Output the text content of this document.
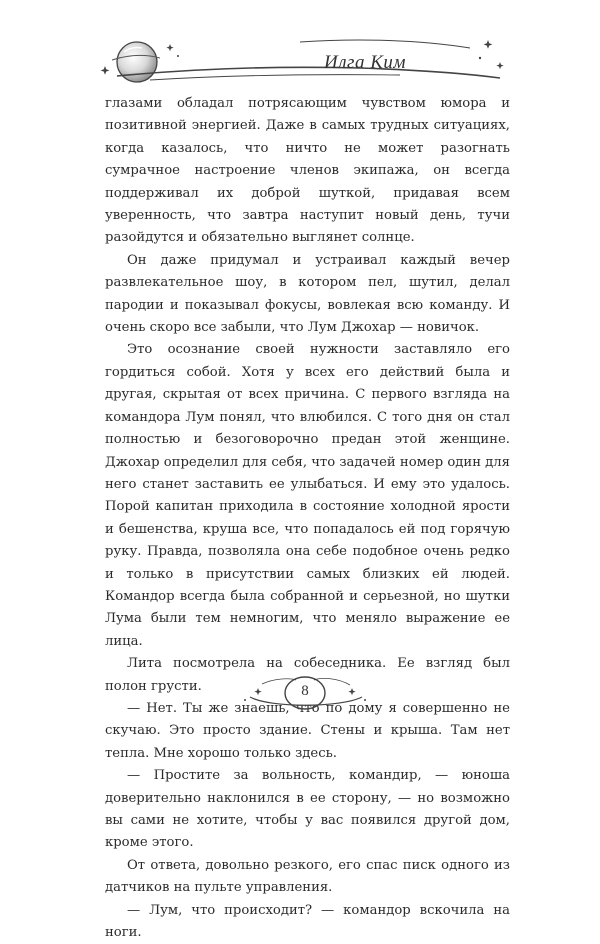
Илга Ким

глазами обладал потрясающим чувством юмора и позитивной энергией. Даже в самых трудных ситуациях, когда казалось, что ничто не может разогнать сумрачное настроение членов экипажа, он всегда поддерживал их доброй шуткой, придавая всем уверенность, что завтра наступит новый день, тучи разойдутся и обязательно выглянет солнце.

Он даже придумал и устраивал каждый вечер развлекательное шоу, в котором пел, шутил, делал пародии и показывал фокусы, вовлекая всю команду. И очень скоро все забыли, что Лум Джохар — новичок.

Это осознание своей нужности заставляло его гордиться собой. Хотя у всех его действий была и другая, скрытая от всех причина. С первого взгляда на командора Лум понял, что влюбился. С того дня он стал полностью и безоговорочно предан этой женщине. Джохар определил для себя, что задачей номер один для него станет заставить ее улыбаться. И ему это удалось. Порой капитан приходила в состояние холодной ярости и бешенства, круша все, что попадалось ей под горячую руку. Правда, позволяла она себе подобное очень редко и только в присутствии самых близких ей людей. Командор всегда была собранной и серьезной, но шутки Лума были тем немногим, что меняло выражение ее лица.

Лита посмотрела на собеседника. Ее взгляд был полон грусти.

— Нет. Ты же знаешь, что по дому я совершенно не скучаю. Это просто здание. Стены и крыша. Там нет тепла. Мне хорошо только здесь.

— Простите за вольность, командир, — юноша доверительно наклонился в ее сторону, — но возможно вы сами не хотите, чтобы у вас появился другой дом, кроме этого.

От ответа, довольно резкого, его спас писк одного из датчиков на пульте управления.

— Лум, что происходит? — командор вскочила на ноги.

8
